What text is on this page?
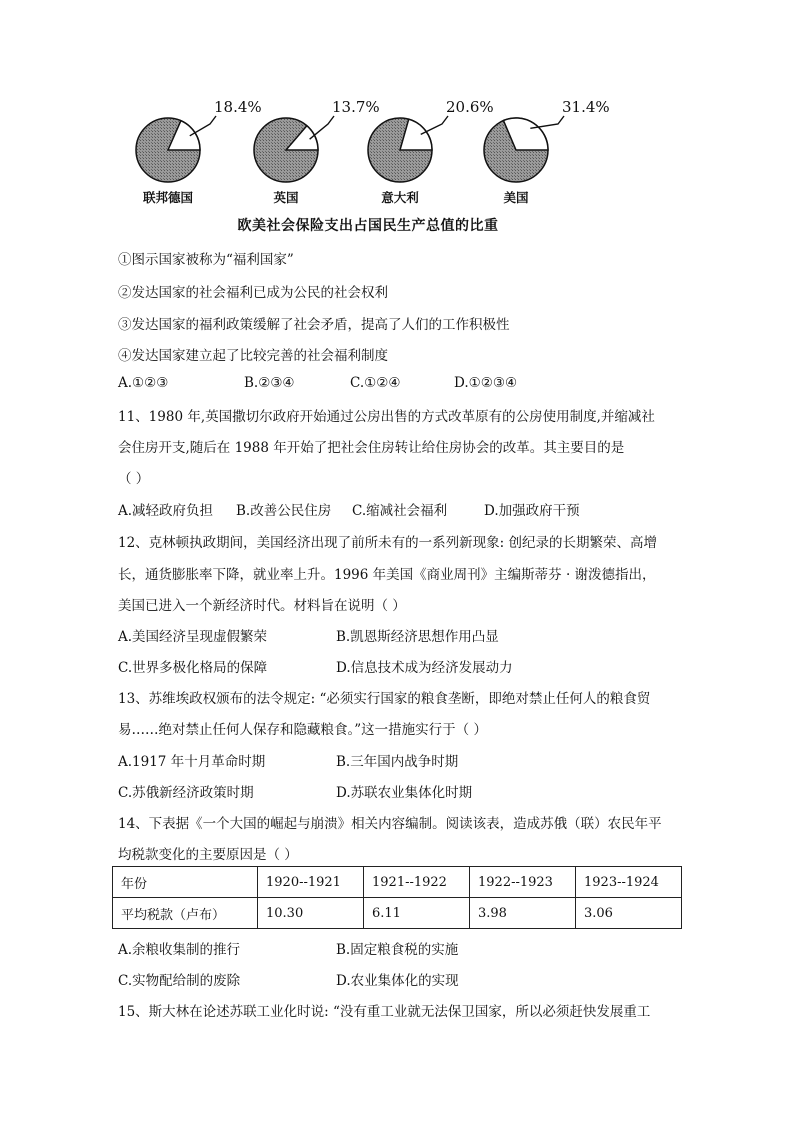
欧美社会保险支出占国民生产总值的比重
18.4%
联邦德国
13.7%
英国
20.6%
意大利
31.4%
美国
①图示国家被称为“福利国家”
②发达国家的社会福利已成为公民的社会权利
③发达国家的福利政策缓解了社会矛盾，提高了人们的工作积极性
④发达国家建立起了比较完善的社会福利制度
A.①②③	B.②③④	C.①②④	D.①②③④
11、1980 年,英国撒切尔政府开始通过公房出售的方式改革原有的公房使用制度,并缩减社
会住房开支,随后在 1988 年开始了把社会住房转让给住房协会的改革。其主要目的是
（ ）
A.减轻政府负担 B.改善公民住房 C.缩减社会福利	D.加强政府干预
12、克林顿执政期间，美国经济出现了前所未有的一系列新现象: 创纪录的长期繁荣、高增
长，通货膨胀率下降，就业率上升。1996 年美国《商业周刊》主编斯蒂芬 · 谢泼德指出，
美国已进入一个新经济时代。材料旨在说明（ ）
A.美国经济呈现虚假繁荣	B.凯恩斯经济思想作用凸显
C.世界多极化格局的保障	D.信息技术成为经济发展动力
13、苏维埃政权颁布的法令规定: “必须实行国家的粮食垄断，即绝对禁止任何人的粮食贸
易……绝对禁止任何人保存和隐藏粮食。”这一措施实行于（ ）
A.1917 年十月革命时期	B.三年国内战争时期
C.苏俄新经济政策时期	D.苏联农业集体化时期
14、下表据《一个大国的崛起与崩溃》相关内容编制。阅读该表，造成苏俄（联）农民年平
均税款变化的主要原因是（ ）
年份	1920--1921	1921--1922	1922--1923	1923--1924
平均税款（卢布）	10.30	6.11	3.98	3.06
A.余粮收集制的推行	B.固定粮食税的实施
C.实物配给制的废除	D.农业集体化的实现
15、斯大林在论述苏联工业化时说: “没有重工业就无法保卫国家，所以必须赶快发展重工
